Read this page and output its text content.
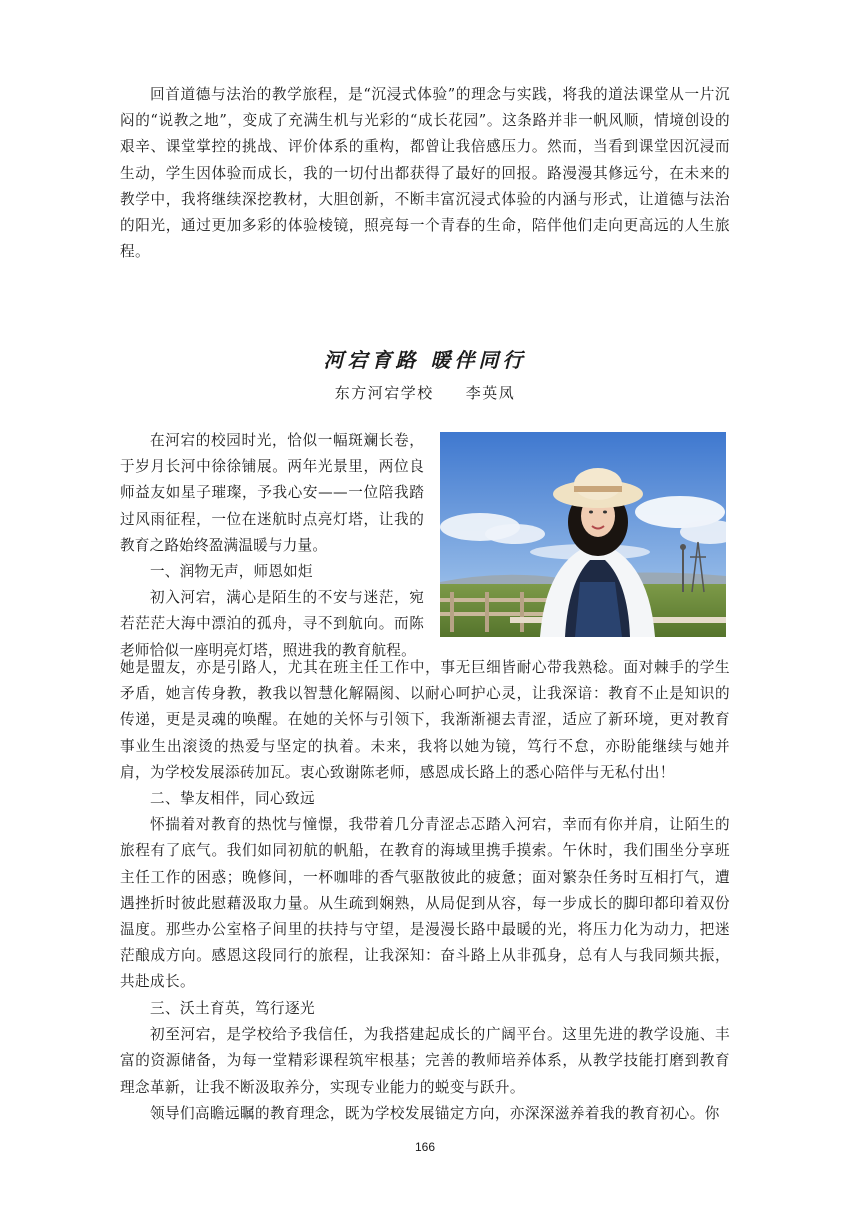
回首道德与法治的教学旅程，是“沉浸式体验”的理念与实践，将我的道法课堂从一片沉闷的“说教之地”，变成了充满生机与光彩的“成长花园”。这条路并非一帆风顺，情境创设的艰辛、课堂掌控的挑战、评价体系的重构，都曾让我倍感压力。然而，当看到课堂因沉浸而生动，学生因体验而成长，我的一切付出都获得了最好的回报。路漫漫其修远兮，在未来的教学中，我将继续深挖教材，大胆创新，不断丰富沉浸式体验的内涵与形式，让道德与法治的阳光，通过更加多彩的体验棱镜，照亮每一个青春的生命，陪伴他们走向更高远的人生旅程。

河宕育路 暖伴同行
东方河宕学校 李英凤
在河宕的校园时光，恰似一幅斑斓长卷，于岁月长河中徐徐铺展。两年光景里，两位良师益友如星子璀璨，予我心安——一位陪我踏过风雨征程，一位在迷航时点亮灯塔，让我的教育之路始终盈满温暖与力量。
一、润物无声，师恩如炬
初入河宕，满心是陌生的不安与迷茫，宛若茫茫大海中漂泊的孤舟，寻不到航向。而陈老师恰似一座明亮灯塔，照进我的教育航程。
她是盟友，亦是引路人，尤其在班主任工作中，事无巨细皆耐心带我熟稔。面对棘手的学生矛盾，她言传身教，教我以智慧化解隔阂、以耐心呵护心灵，让我深谙：教育不止是知识的传递，更是灵魂的唤醒。在她的关怀与引领下，我渐渐褪去青涩，适应了新环境，更对教育事业生出滚烫的热爱与坚定的执着。未来，我将以她为镜，笃行不怠，亦盼能继续与她并肩，为学校发展添砖加瓦。衷心致谢陈老师，感恩成长路上的悉心陪伴与无私付出！
二、挚友相伴，同心致远
怀揣着对教育的热忱与憧憬，我带着几分青涩忐忑踏入河宕，幸而有你并肩，让陌生的旅程有了底气。我们如同初航的帆船，在教育的海域里携手摸索。午休时，我们围坐分享班主任工作的困惑；晚修间，一杯咖啡的香气驱散彼此的疲惫；面对繁杂任务时互相打气，遭遇挫折时彼此慰藉汲取力量。从生疏到娴熟，从局促到从容，每一步成长的脚印都印着双份温度。那些办公室格子间里的扶持与守望，是漫漫长路中最暖的光，将压力化为动力，把迷茫酿成方向。感恩这段同行的旅程，让我深知：奋斗路上从非孤身，总有人与我同频共振，共赴成长。
三、沃土育英，笃行逐光
初至河宕，是学校给予我信任，为我搭建起成长的广阔平台。这里先进的教学设施、丰富的资源储备，为每一堂精彩课程筑牢根基；完善的教师培养体系，从教学技能打磨到教育理念革新，让我不断汲取养分，实现专业能力的蜕变与跃升。
领导们高瞻远瞩的教育理念，既为学校发展锚定方向，亦深深滋养着我的教育初心。你
166
